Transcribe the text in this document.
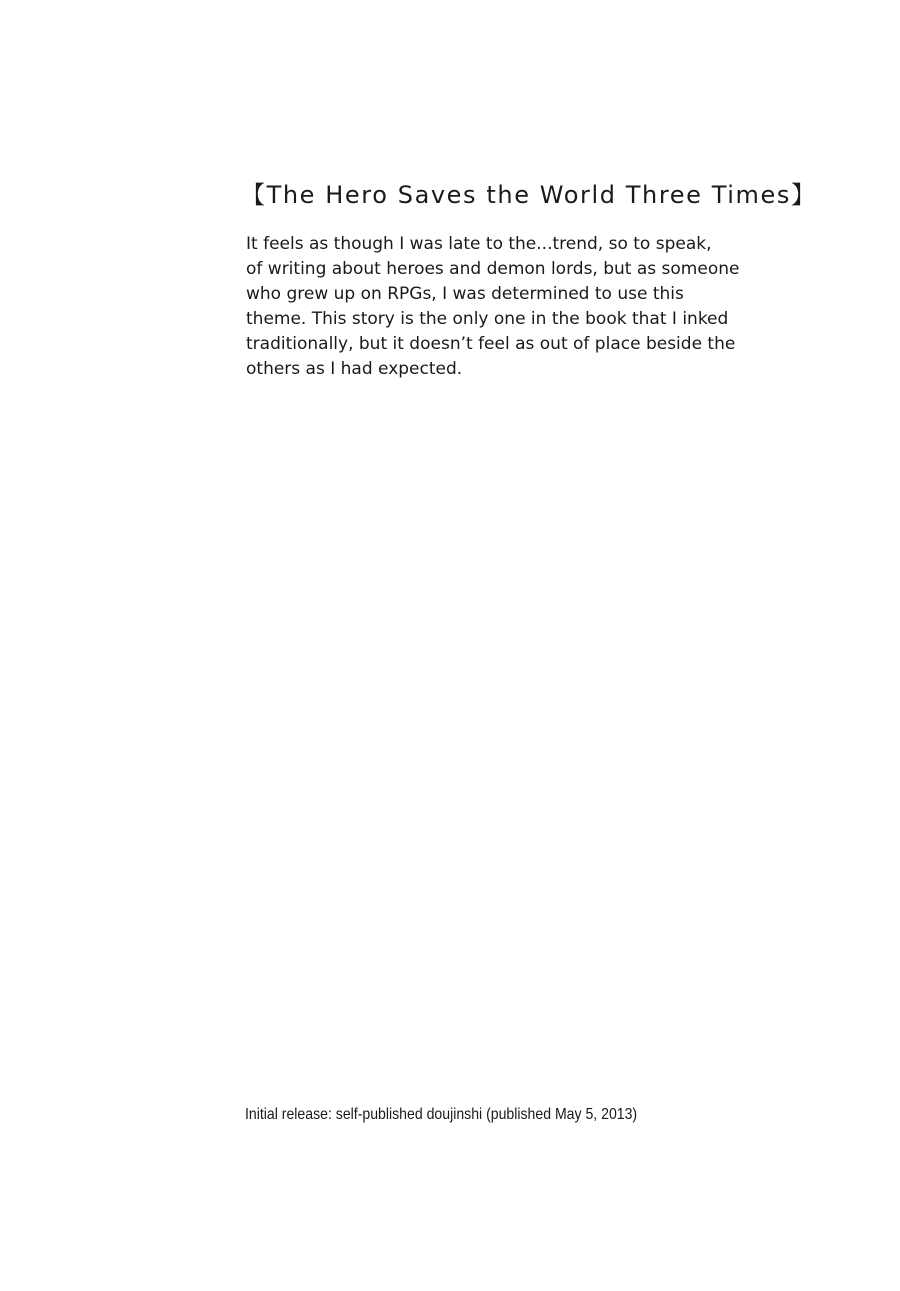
【The Hero Saves the World Three Times】

It feels as though I was late to the...trend, so to speak,
of writing about heroes and demon lords, but as someone
who grew up on RPGs, I was determined to use this
theme. This story is the only one in the book that I inked
traditionally, but it doesn’t feel as out of place beside the
others as I had expected.

Initial release: self-published doujinshi (published May 5, 2013)
